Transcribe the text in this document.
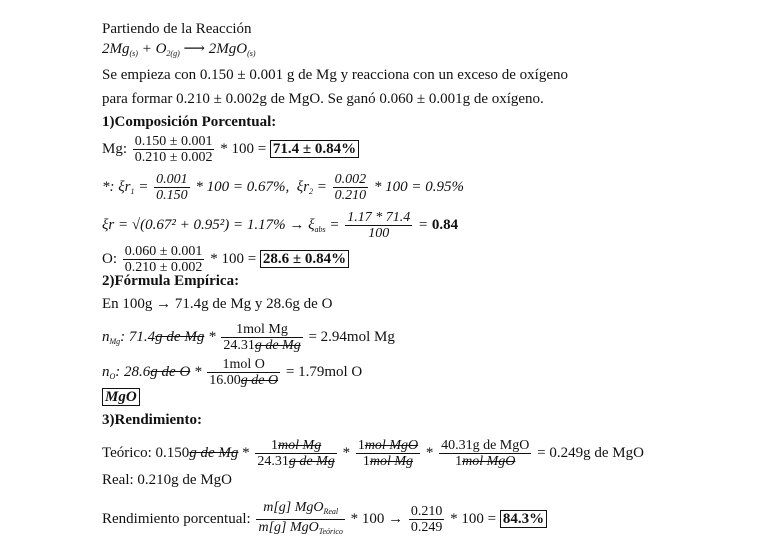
Partiendo de la Reacción
$2Mg_{(s)} + O_{2(g)}$ ⟶ 2MgO$_{(s)}$
Se empieza con 0.150 ± 0.001 g de Mg y reacciona con un exceso de oxígeno
para formar 0.210 ± 0.002g de MgO. Se ganó 0.060 ± 0.001g de oxígeno.
1)Composición Porcentual:
Mg: $\frac{0.150 \pm 0.001}{0.210 \pm 0.002} * 100 = 71.4 \pm 0.84\%$
*: $\xi r_1 = \frac{0.001}{0.150} * 100 = 0.67\%$, $\xi r_2 = \frac{0.002}{0.210} * 100 = 0.95\%$
$\xi r = √(0.67^2 + 0.95^2) = 1.17\% \to \xi_{abs} = \frac{1.17 * 71.4}{100} = 0.84$
O: $\frac{0.060 \pm 0.001}{0.210 \pm 0.002} * 100 = 28.6 \pm 0.84\%$
2)Fórmula Empírica:
En 100g → 71.4g de Mg y 28.6g de O
$n_{Mg}$: 71.4g de $Mg * \frac{\text{1mol Mg}}{\text{24.31g de Mg}} = 2.94mol$ Mg
$n_O$: 28.6g de $O * \frac{\text{1mol O}}{\text{16.00g de O}} = 1.79mol$ O
MgO
3)Rendimiento:
Teórico: 0.150g de $Mg * \frac{\text{1mol Mg}}{\text{24.31g de Mg}} * \frac{\text{1mol MgO}}{\text{1mol Mg}} * \frac{\text{40.31g de MgO}}{\text{1mol MgO}} = 0.249g$ de MgO
Real: 0.210g de MgO
Rendimiento porcentual: $\frac{m[g] MgO_{Real}}{m[g] MgO_{Teórico}} * 100 \to \frac{0.210}{0.249} * 100 = 84.3\%$
